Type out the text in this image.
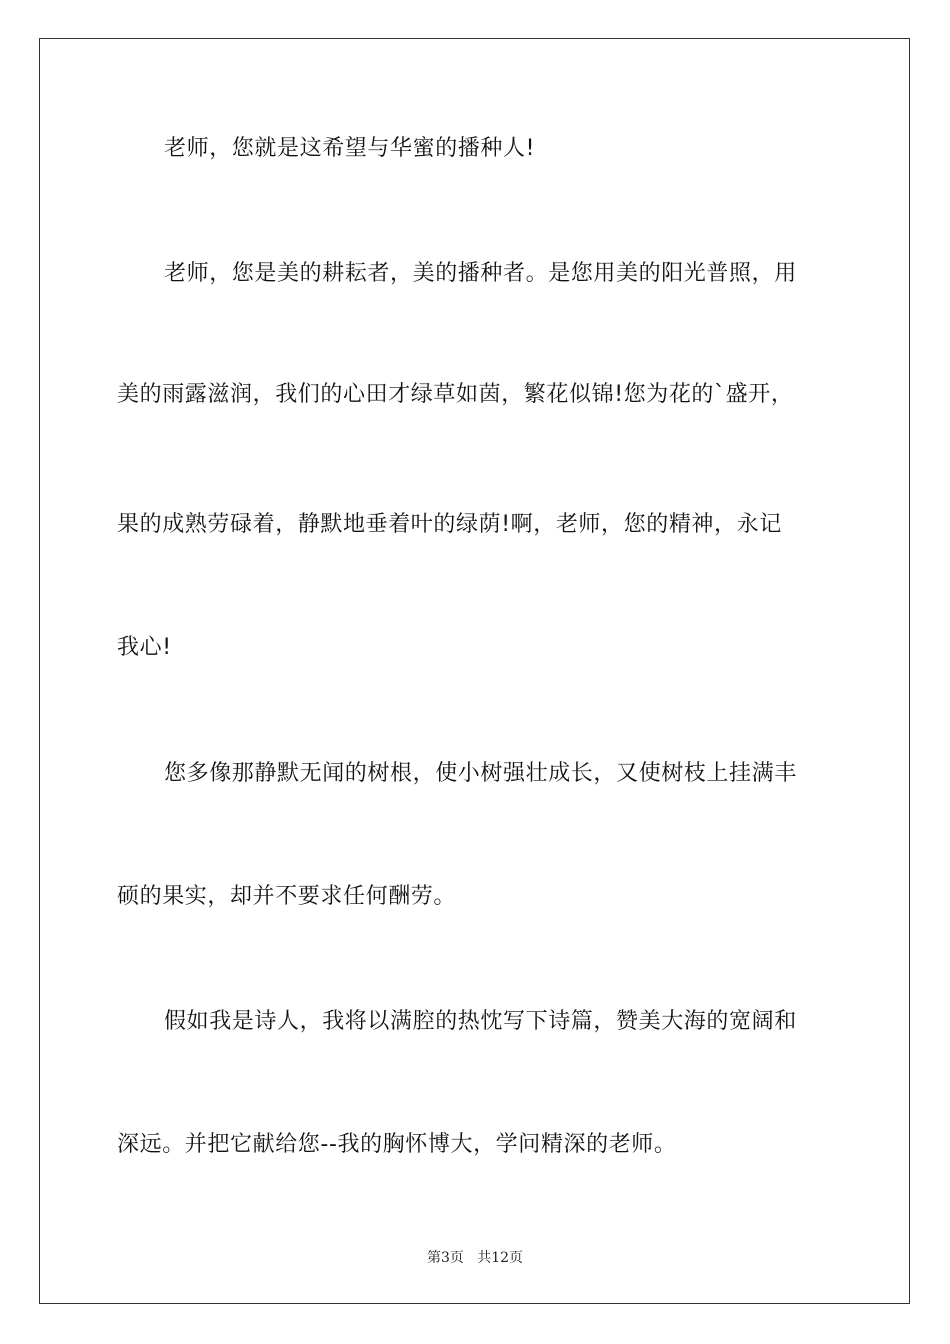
老师，您就是这希望与华蜜的播种人!
老师，您是美的耕耘者，美的播种者。是您用美的阳光普照，用
美的雨露滋润，我们的心田才绿草如茵，繁花似锦!您为花的`盛开，
果的成熟劳碌着，静默地垂着叶的绿荫!啊，老师，您的精神，永记
我心!
您多像那静默无闻的树根，使小树强壮成长，又使树枝上挂满丰
硕的果实，却并不要求任何酬劳。
假如我是诗人，我将以满腔的热忱写下诗篇，赞美大海的宽阔和
深远。并把它献给您--我的胸怀博大，学问精深的老师。
第3页   共12页
